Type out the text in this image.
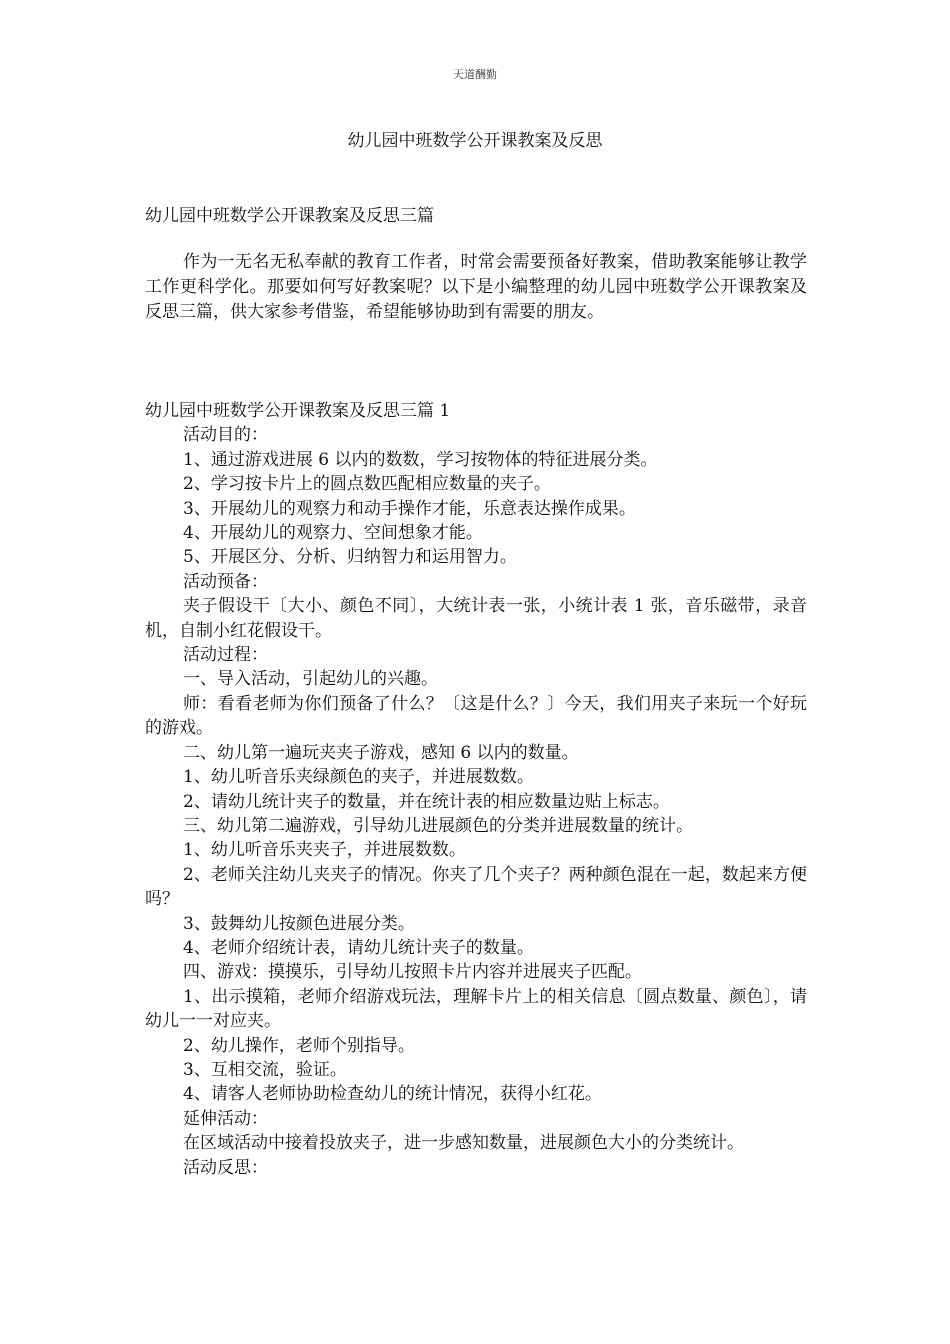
天道酬勤
幼儿园中班数学公开课教案及反思
幼儿园中班数学公开课教案及反思三篇
作为一无名无私奉献的教育工作者，时常会需要预备好教案，借助教案能够让教学工作更科学化。那要如何写好教案呢？以下是小编整理的幼儿园中班数学公开课教案及反思三篇，供大家参考借鉴，希望能够协助到有需要的朋友。

幼儿园中班数学公开课教案及反思三篇 1

活动目的：

1、通过游戏进展 6 以内的数数，学习按物体的特征进展分类。

2、学习按卡片上的圆点数匹配相应数量的夹子。

3、开展幼儿的观察力和动手操作才能，乐意表达操作成果。

4、开展幼儿的观察力、空间想象才能。

5、开展区分、分析、归纳智力和运用智力。

活动预备：

夹子假设干〔大小、颜色不同〕，大统计表一张，小统计表 1 张，音乐磁带，录音机，自制小红花假设干。

活动过程：

一、导入活动，引起幼儿的兴趣。

师：看看老师为你们预备了什么？〔这是什么？〕今天，我们用夹子来玩一个好玩的游戏。

二、幼儿第一遍玩夹夹子游戏，感知 6 以内的数量。

1、幼儿听音乐夹绿颜色的夹子，并进展数数。

2、请幼儿统计夹子的数量，并在统计表的相应数量边贴上标志。

三、幼儿第二遍游戏，引导幼儿进展颜色的分类并进展数量的统计。

1、幼儿听音乐夹夹子，并进展数数。

2、老师关注幼儿夹夹子的情况。你夹了几个夹子？两种颜色混在一起，数起来方便吗？

3、鼓舞幼儿按颜色进展分类。

4、老师介绍统计表，请幼儿统计夹子的数量。

四、游戏：摸摸乐，引导幼儿按照卡片内容并进展夹子匹配。

1、出示摸箱，老师介绍游戏玩法，理解卡片上的相关信息〔圆点数量、颜色〕，请幼儿一一对应夹。

2、幼儿操作，老师个别指导。

3、互相交流，验证。

4、请客人老师协助检查幼儿的统计情况，获得小红花。

延伸活动：

在区域活动中接着投放夹子，进一步感知数量，进展颜色大小的分类统计。

活动反思：
